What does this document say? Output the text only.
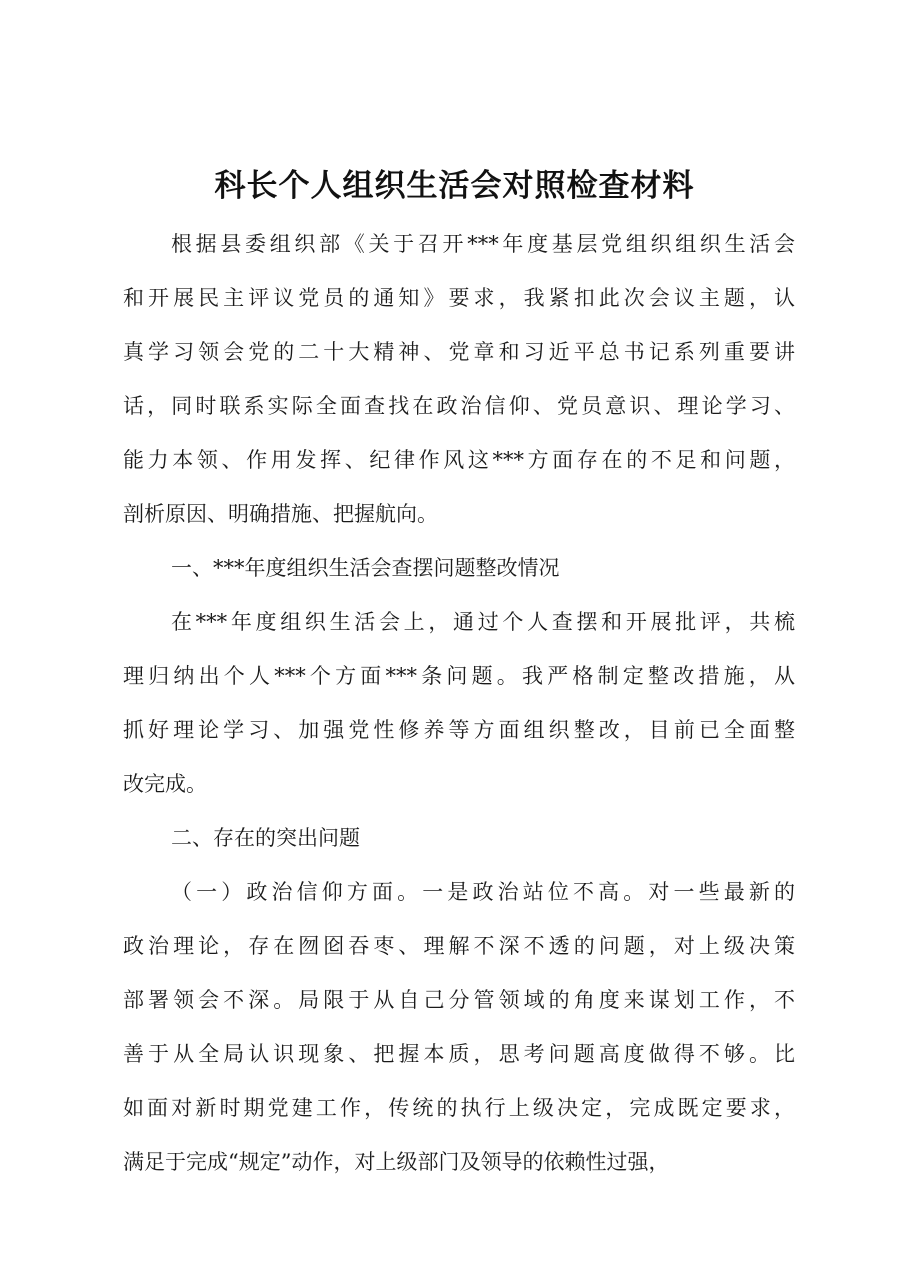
科长个人组织生活会对照检查材料
根据县委组织部《关于召开***年度基层党组织组织生活会
和开展民主评议党员的通知》要求，我紧扣此次会议主题，认
真学习领会党的二十大精神、党章和习近平总书记系列重要讲
话，同时联系实际全面查找在政治信仰、党员意识、理论学习、
能力本领、作用发挥、纪律作风这***方面存在的不足和问题，
剖析原因、明确措施、把握航向。
一、***年度组织生活会查摆问题整改情况
在***年度组织生活会上，通过个人查摆和开展批评，共梳
理归纳出个人***个方面***条问题。我严格制定整改措施，从
抓好理论学习、加强党性修养等方面组织整改，目前已全面整
改完成。
二、存在的突出问题
（一）政治信仰方面。一是政治站位不高。对一些最新的
政治理论，存在囫囵吞枣、理解不深不透的问题，对上级决策
部署领会不深。局限于从自己分管领域的角度来谋划工作，不
善于从全局认识现象、把握本质，思考问题高度做得不够。比
如面对新时期党建工作，传统的执行上级决定，完成既定要求，
满足于完成“规定”动作，对上级部门及领导的依赖性过强，
